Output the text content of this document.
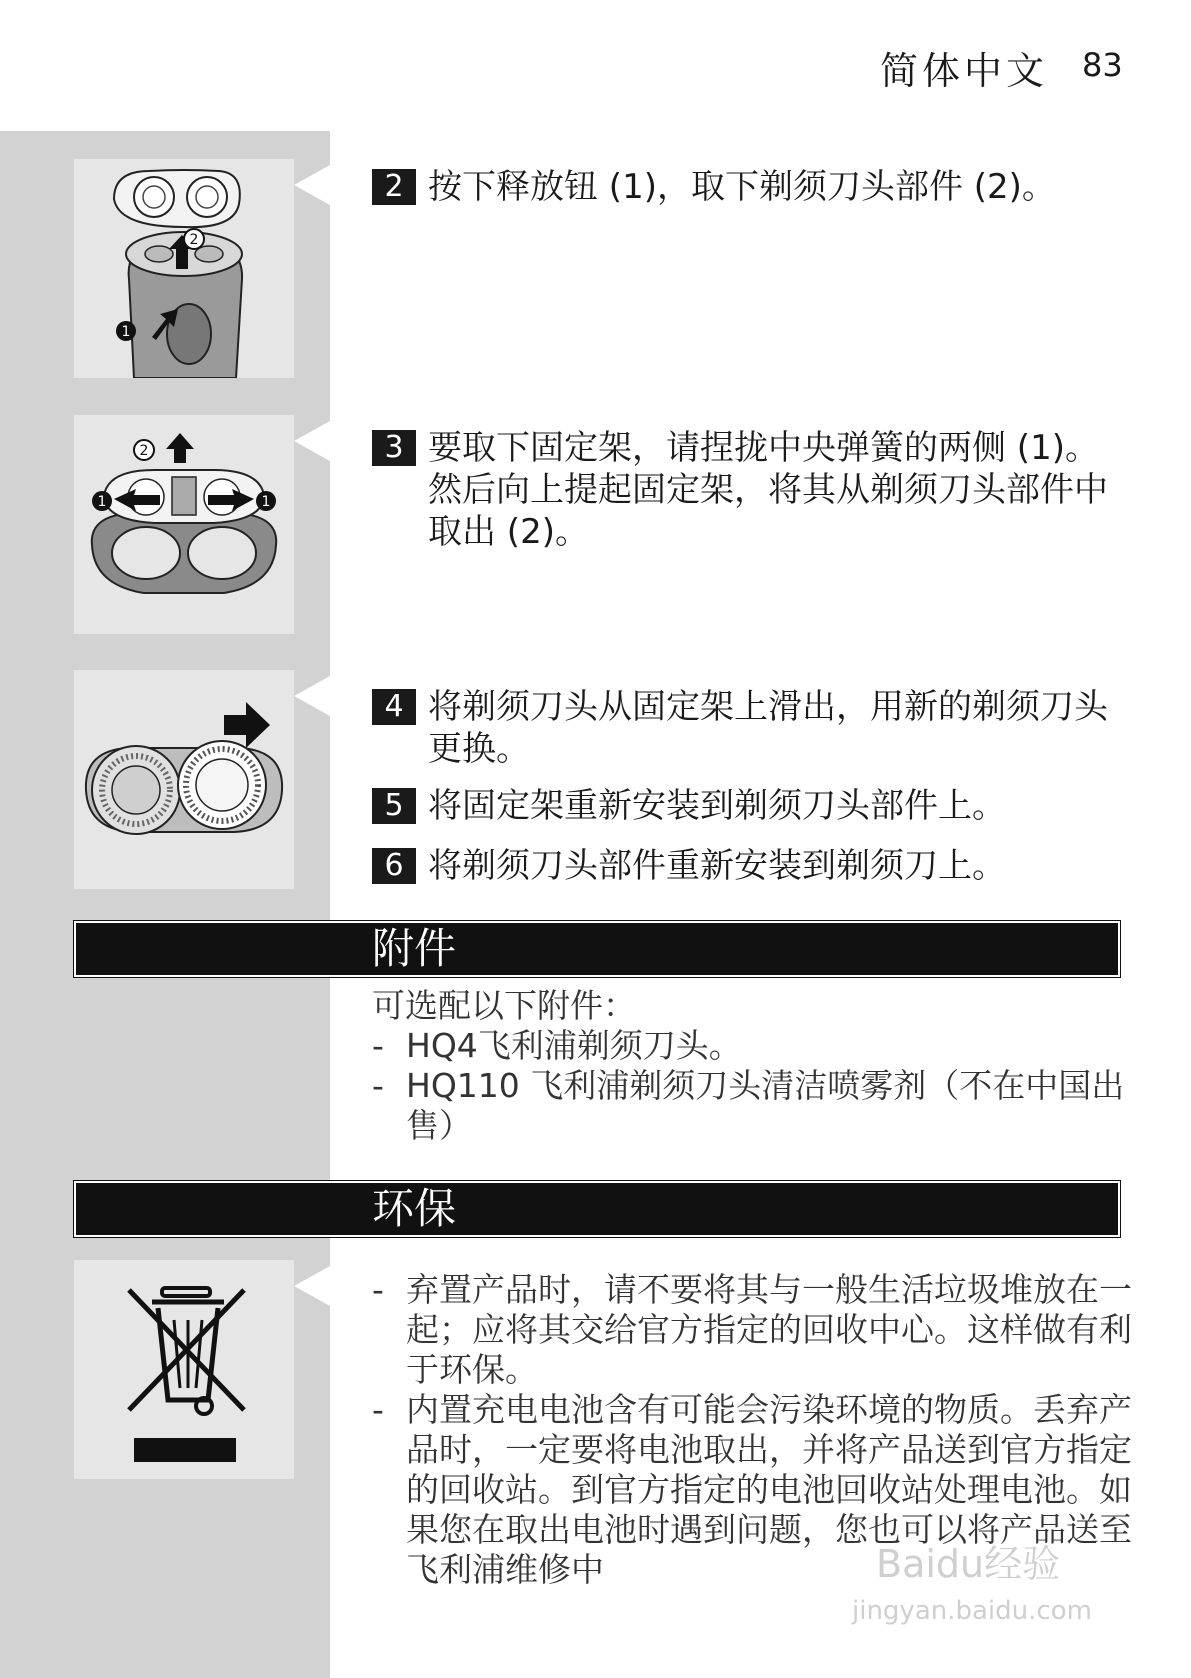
简体中文 83
2
1
2
1	1
2 按下释放钮 (1)，取下剃须刀头部件 (2)。
3 要取下固定架，请捏拢中央弹簧的两侧 (1)。然后向上提起固定架，将其从剃须刀头部件中取出 (2)。
4 将剃须刀头从固定架上滑出，用新的剃须刀头更换。
5 将固定架重新安装到剃须刀头部件上。
6 将剃须刀头部件重新安装到剃须刀上。
附件
可选配以下附件：
- HQ4飞利浦剃须刀头。
- HQ110 飞利浦剃须刀头清洁喷雾剂（不在中国出售）
环保
- 弃置产品时，请不要将其与一般生活垃圾堆放在一起；应将其交给官方指定的回收中心。这样做有利于环保。
- 内置充电电池含有可能会污染环境的物质。丢弃产品时，一定要将电池取出，并将产品送到官方指定的回收站。到官方指定的电池回收站处理电池。如果您在取出电池时遇到问题，您也可以将产品送至飞利浦维修中	Baidu经验
jingyan.baidu.com
